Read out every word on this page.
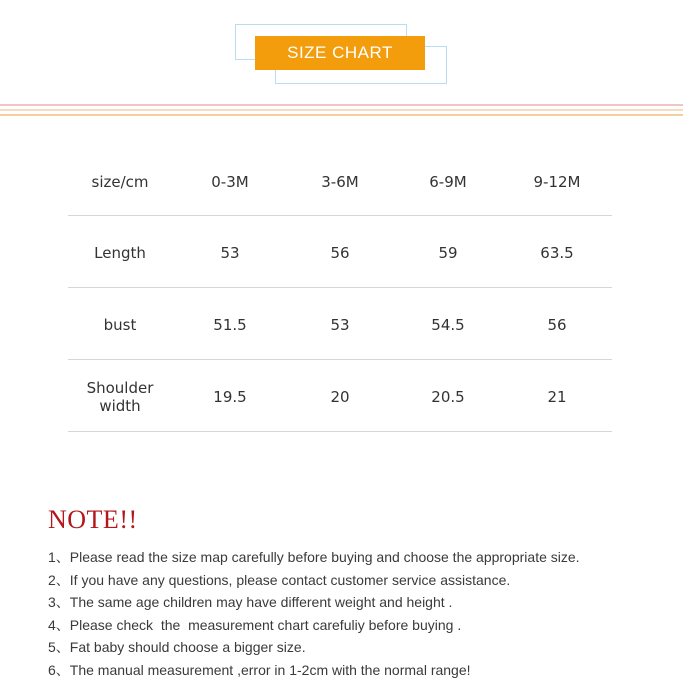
SIZE CHART
size/cm	0-3M	3-6M	6-9M	9-12M
Length	53	56	59	63.5
bust	51.5	53	54.5	56
Shoulder width	19.5	20	20.5	21
NOTE!!
1、Please read the size map carefully before buying and choose the appropriate size.
2、If you have any questions, please contact customer service assistance.
3、The same age children may have different weight and height .
4、Please check  the  measurement chart carefuliy before buying .
5、Fat baby should choose a bigger size.
6、The manual measurement ,error in 1-2cm with the normal range!
